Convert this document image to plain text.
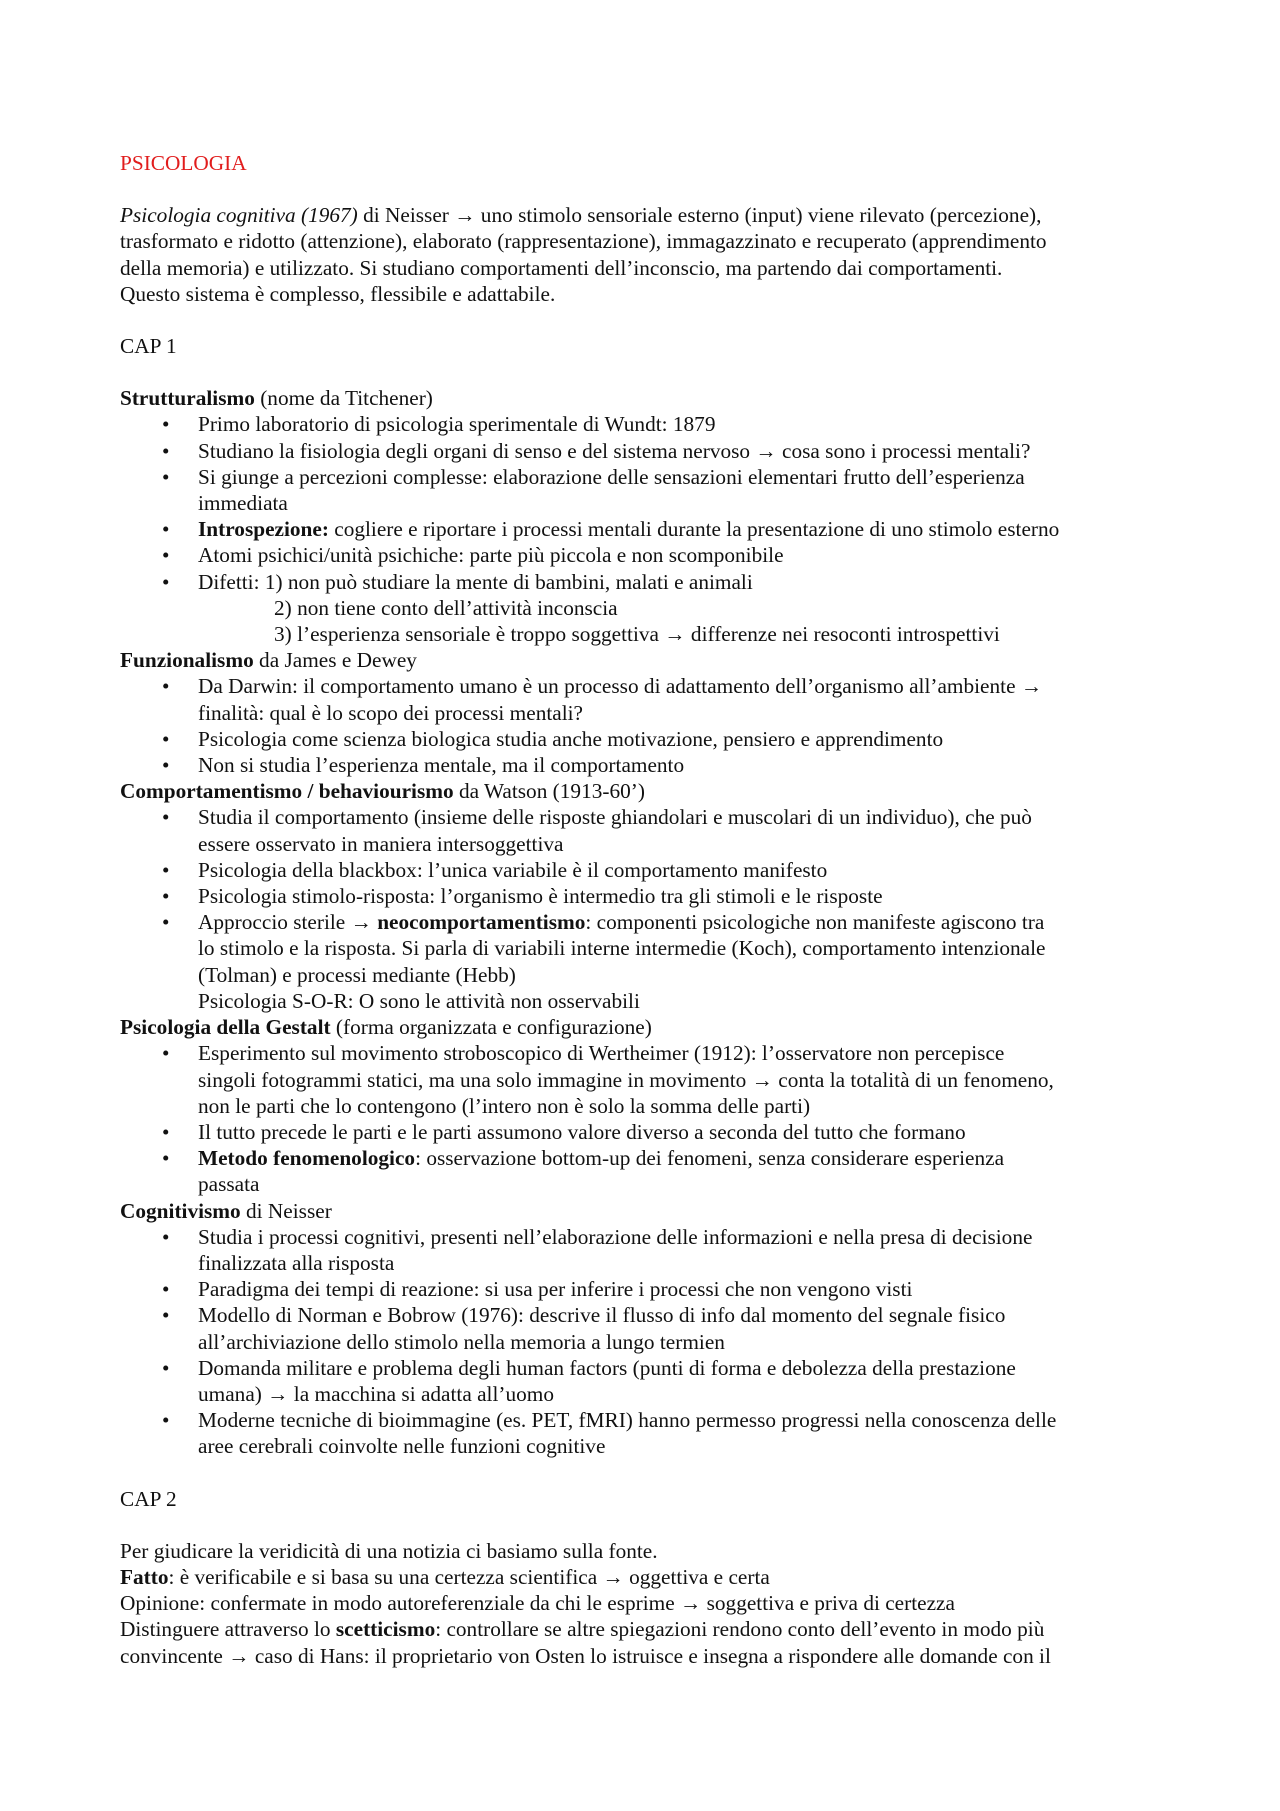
PSICOLOGIA

Psicologia cognitiva (1967) di Neisser → uno stimolo sensoriale esterno (input) viene rilevato (percezione),

trasformato e ridotto (attenzione), elaborato (rappresentazione), immagazzinato e recuperato (apprendimento

della memoria) e utilizzato. Si studiano comportamenti dell’inconscio, ma partendo dai comportamenti.

Questo sistema è complesso, flessibile e adattabile.

CAP 1

Strutturalismo (nome da Titchener)

• Primo laboratorio di psicologia sperimentale di Wundt: 1879
• Studiano la fisiologia degli organi di senso e del sistema nervoso → cosa sono i processi mentali?
• Si giunge a percezioni complesse: elaborazione delle sensazioni elementari frutto dell’esperienza
immediata
• Introspezione: cogliere e riportare i processi mentali durante la presentazione di uno stimolo esterno
• Atomi psichici/unità psichiche: parte più piccola e non scomponibile
• Difetti: 1) non può studiare la mente di bambini, malati e animali

2) non tiene conto dell’attività inconscia

3) l’esperienza sensoriale è troppo soggettiva → differenze nei resoconti introspettivi

Funzionalismo da James e Dewey

• Da Darwin: il comportamento umano è un processo di adattamento dell’organismo all’ambiente →
finalità: qual è lo scopo dei processi mentali?
• Psicologia come scienza biologica studia anche motivazione, pensiero e apprendimento
• Non si studia l’esperienza mentale, ma il comportamento

Comportamentismo / behaviourismo da Watson (1913-60’)

• Studia il comportamento (insieme delle risposte ghiandolari e muscolari di un individuo), che può
essere osservato in maniera intersoggettiva
• Psicologia della blackbox: l’unica variabile è il comportamento manifesto
• Psicologia stimolo-risposta: l’organismo è intermedio tra gli stimoli e le risposte
• Approccio sterile → neocomportamentismo: componenti psicologiche non manifeste agiscono tra
lo stimolo e la risposta. Si parla di variabili interne intermedie (Koch), comportamento intenzionale
(Tolman) e processi mediante (Hebb)
Psicologia S-O-R: O sono le attività non osservabili

Psicologia della Gestalt (forma organizzata e configurazione)

• Esperimento sul movimento stroboscopico di Wertheimer (1912): l’osservatore non percepisce
singoli fotogrammi statici, ma una solo immagine in movimento → conta la totalità di un fenomeno,
non le parti che lo contengono (l’intero non è solo la somma delle parti)
• Il tutto precede le parti e le parti assumono valore diverso a seconda del tutto che formano
• Metodo fenomenologico: osservazione bottom-up dei fenomeni, senza considerare esperienza
passata

Cognitivismo di Neisser

• Studia i processi cognitivi, presenti nell’elaborazione delle informazioni e nella presa di decisione
finalizzata alla risposta
• Paradigma dei tempi di reazione: si usa per inferire i processi che non vengono visti
• Modello di Norman e Bobrow (1976): descrive il flusso di info dal momento del segnale fisico
all’archiviazione dello stimolo nella memoria a lungo termien
• Domanda militare e problema degli human factors (punti di forma e debolezza della prestazione
umana) → la macchina si adatta all’uomo
• Moderne tecniche di bioimmagine (es. PET, fMRI) hanno permesso progressi nella conoscenza delle
aree cerebrali coinvolte nelle funzioni cognitive

CAP 2

Per giudicare la veridicità di una notizia ci basiamo sulla fonte.

Fatto: è verificabile e si basa su una certezza scientifica → oggettiva e certa

Opinione: confermate in modo autoreferenziale da chi le esprime → soggettiva e priva di certezza

Distinguere attraverso lo scetticismo: controllare se altre spiegazioni rendono conto dell’evento in modo più

convincente → caso di Hans: il proprietario von Osten lo istruisce e insegna a rispondere alle domande con il
